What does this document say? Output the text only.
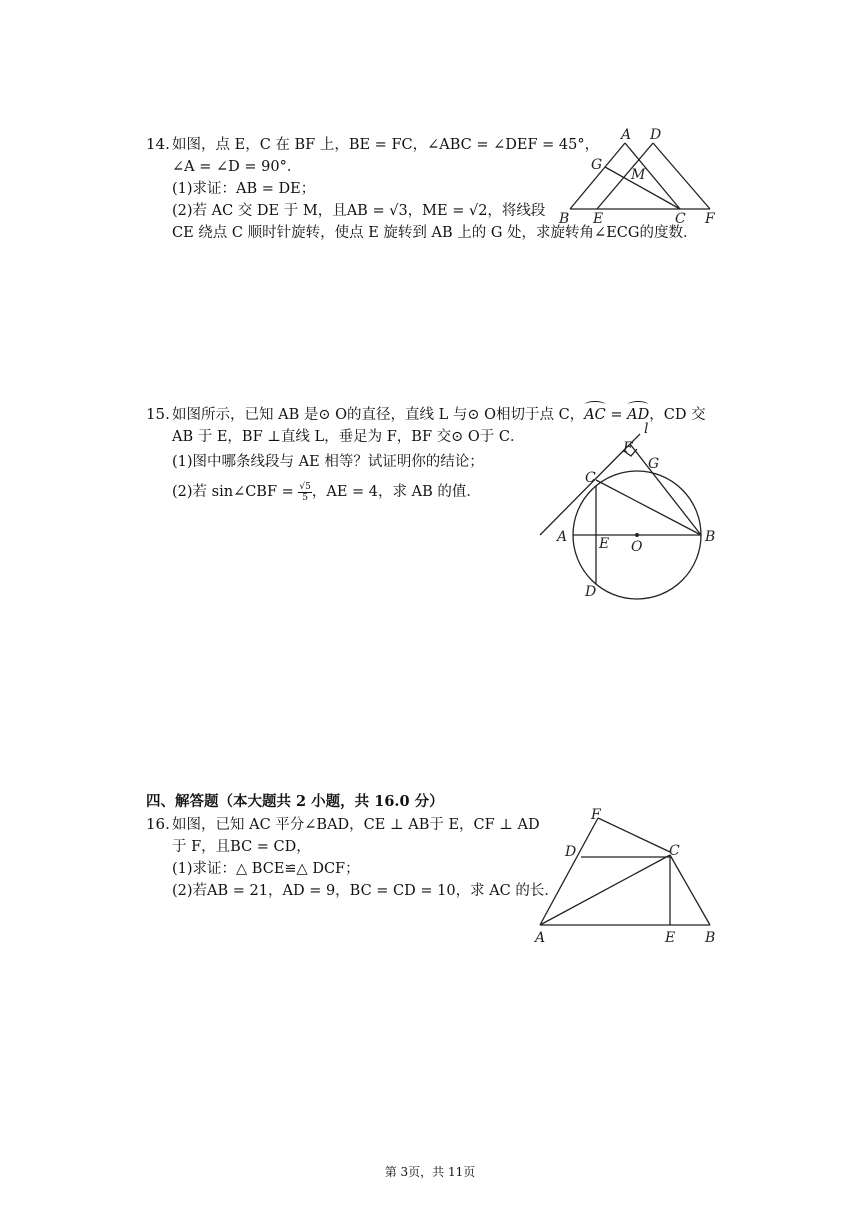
14. 如图，点 E，C 在 BF 上，BE = FC，∠ABC = ∠DEF = 45°，
∠A = ∠D = 90°．
(1)求证：AB = DE；
(2)若 AC 交 DE 于 M，且AB = √3，ME = √2，将线段
CE 绕点 C 顺时针旋转，使点 E 旋转到 AB 上的 G 处，求旋转角∠ECG的度数．
A D
G
M
B E	C F
15. 如图所示，已知 AB 是⊙ O的直径，直线 L 与⊙ O相切于点 C，AC = AD，CD 交
AB 于 E，BF ⊥直线 L，垂足为 F，BF 交⊙ O于 C．
(1)图中哪条线段与 AE 相等？试证明你的结论；
(2)若 sin∠CBF = $\frac{√5}{5}$ ，AE = 4，求 AB 的值．
l
F
G
C
A E O
B
D
四、解答题（本大题共 2 小题，共 16.0 分）
16. 如图，已知 AC 平分∠BAD，CE ⊥ AB于 E，CF ⊥ AD
于 F，且BC = CD，
(1)求证：△ BCE≌△ DCF；
(2)若AB = 21，AD = 9，BC = CD = 10，求 AC 的长．
F
D	C
A	E B
第 3页，共 11页
